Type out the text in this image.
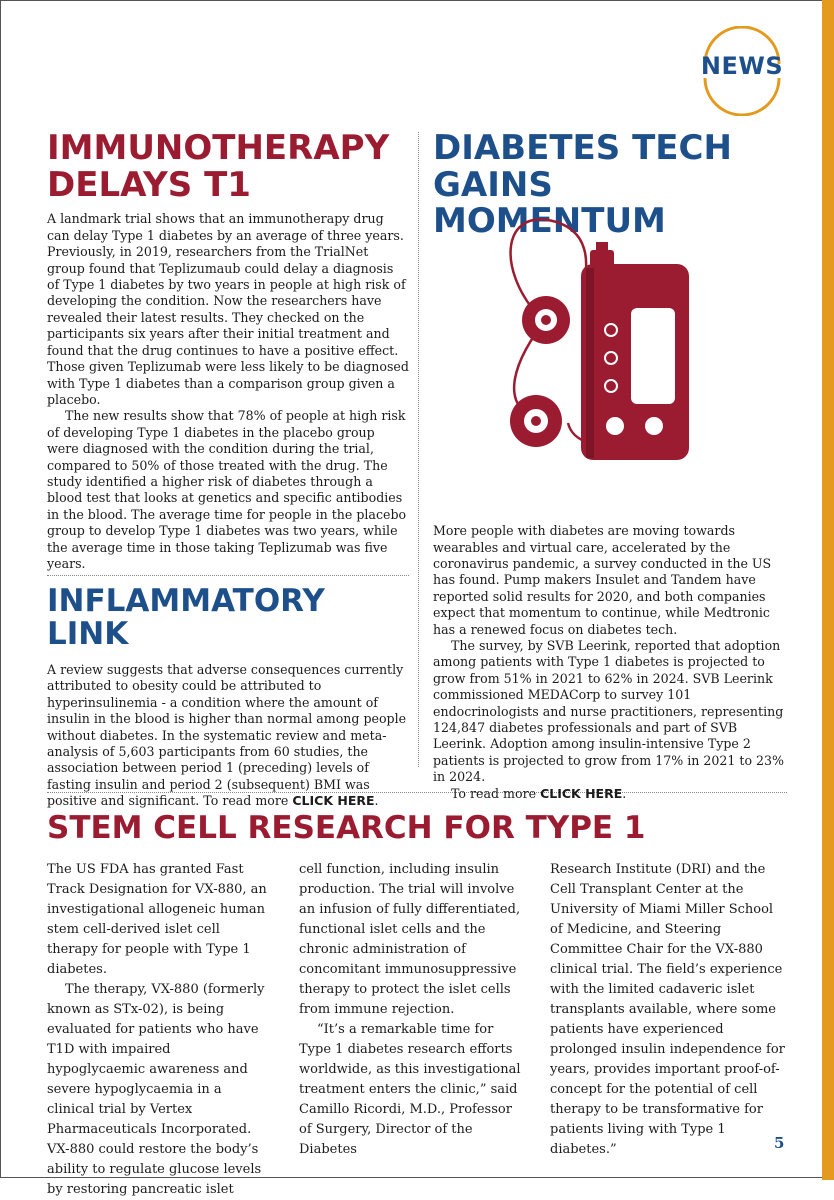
NEWS
IMMUNOTHERAPY
DELAYS T1

A landmark trial shows that an immunotherapy drug can delay Type 1 diabetes by an average of three years. Previously, in 2019, researchers from the TrialNet group found that Teplizumaub could delay a diagnosis of Type 1 diabetes by two years in people at high risk of developing the condition. Now the researchers have revealed their latest results. They checked on the participants six years after their initial treatment and found that the drug continues to have a positive effect. Those given Teplizumab were less likely to be diagnosed with Type 1 diabetes than a comparison group given a placebo.

The new results show that 78% of people at high risk of developing Type 1 diabetes in the placebo group were diagnosed with the condition during the trial, compared to 50% of those treated with the drug. The study identified a higher risk of diabetes through a blood test that looks at genetics and specific antibodies in the blood. The average time for people in the placebo group to develop Type 1 diabetes was two years, while the average time in those taking Teplizumab was five years.

INFLAMMATORY LINK

A review suggests that adverse consequences currently attributed to obesity could be attributed to hyperinsulinemia - a condition where the amount of insulin in the blood is higher than normal among people without diabetes. In the systematic review and meta-analysis of 5,603 participants from 60 studies, the association between period 1 (preceding) levels of fasting insulin and period 2 (subsequent) BMI was positive and significant. To read more CLICK HERE.

DIABETES TECH
GAINS MOMENTUM

More people with diabetes are moving towards wearables and virtual care, accelerated by the coronavirus pandemic, a survey conducted in the US has found. Pump makers Insulet and Tandem have reported solid results for 2020, and both companies expect that momentum to continue, while Medtronic has a renewed focus on diabetes tech.

The survey, by SVB Leerink, reported that adoption among patients with Type 1 diabetes is projected to grow from 51% in 2021 to 62% in 2024. SVB Leerink commissioned MEDACorp to survey 101 endocrinologists and nurse practitioners, representing 124,847 diabetes professionals and part of SVB Leerink. Adoption among insulin-intensive Type 2 patients is projected to grow from 17% in 2021 to 23% in 2024.

To read more CLICK HERE.

STEM CELL RESEARCH FOR TYPE 1

The US FDA has granted Fast Track Designation for VX-880, an investigational allogeneic human stem cell-derived islet cell therapy for people with Type 1 diabetes.

The therapy, VX-880 (formerly known as STx-02), is being evaluated for patients who have T1D with impaired hypoglycaemic awareness and severe hypoglycaemia in a clinical trial by Vertex Pharmaceuticals Incorporated. VX-880 could restore the body’s ability to regulate glucose levels by restoring pancreatic islet

cell function, including insulin production. The trial will involve an infusion of fully differentiated, functional islet cells and the chronic administration of concomitant immunosuppressive therapy to protect the islet cells from immune rejection.

“It’s a remarkable time for Type 1 diabetes research efforts worldwide, as this investigational treatment enters the clinic,” said Camillo Ricordi, M.D., Professor of Surgery, Director of the Diabetes

Research Institute (DRI) and the Cell Transplant Center at the University of Miami Miller School of Medicine, and Steering Committee Chair for the VX-880 clinical trial. The field’s experience with the limited cadaveric islet transplants available, where some patients have experienced prolonged insulin independence for years, provides important proof-of-concept for the potential of cell therapy to be transformative for patients living with Type 1 diabetes.”	5
